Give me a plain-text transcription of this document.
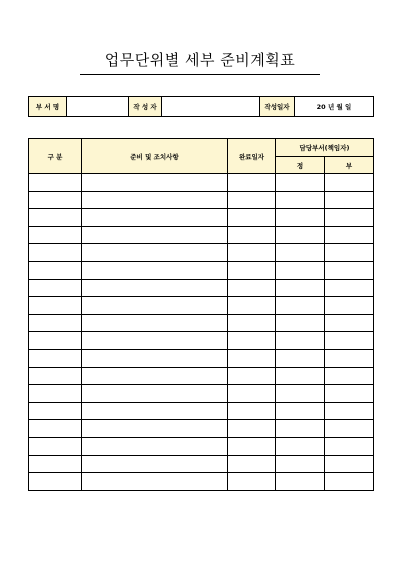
업무단위별 세부 준비계획표
부 서 명		작 성 자		작성일자	20 년 월 일
구 분	준비 및 조치사항	완료일자	담당부서(책임자)	
			정	부
